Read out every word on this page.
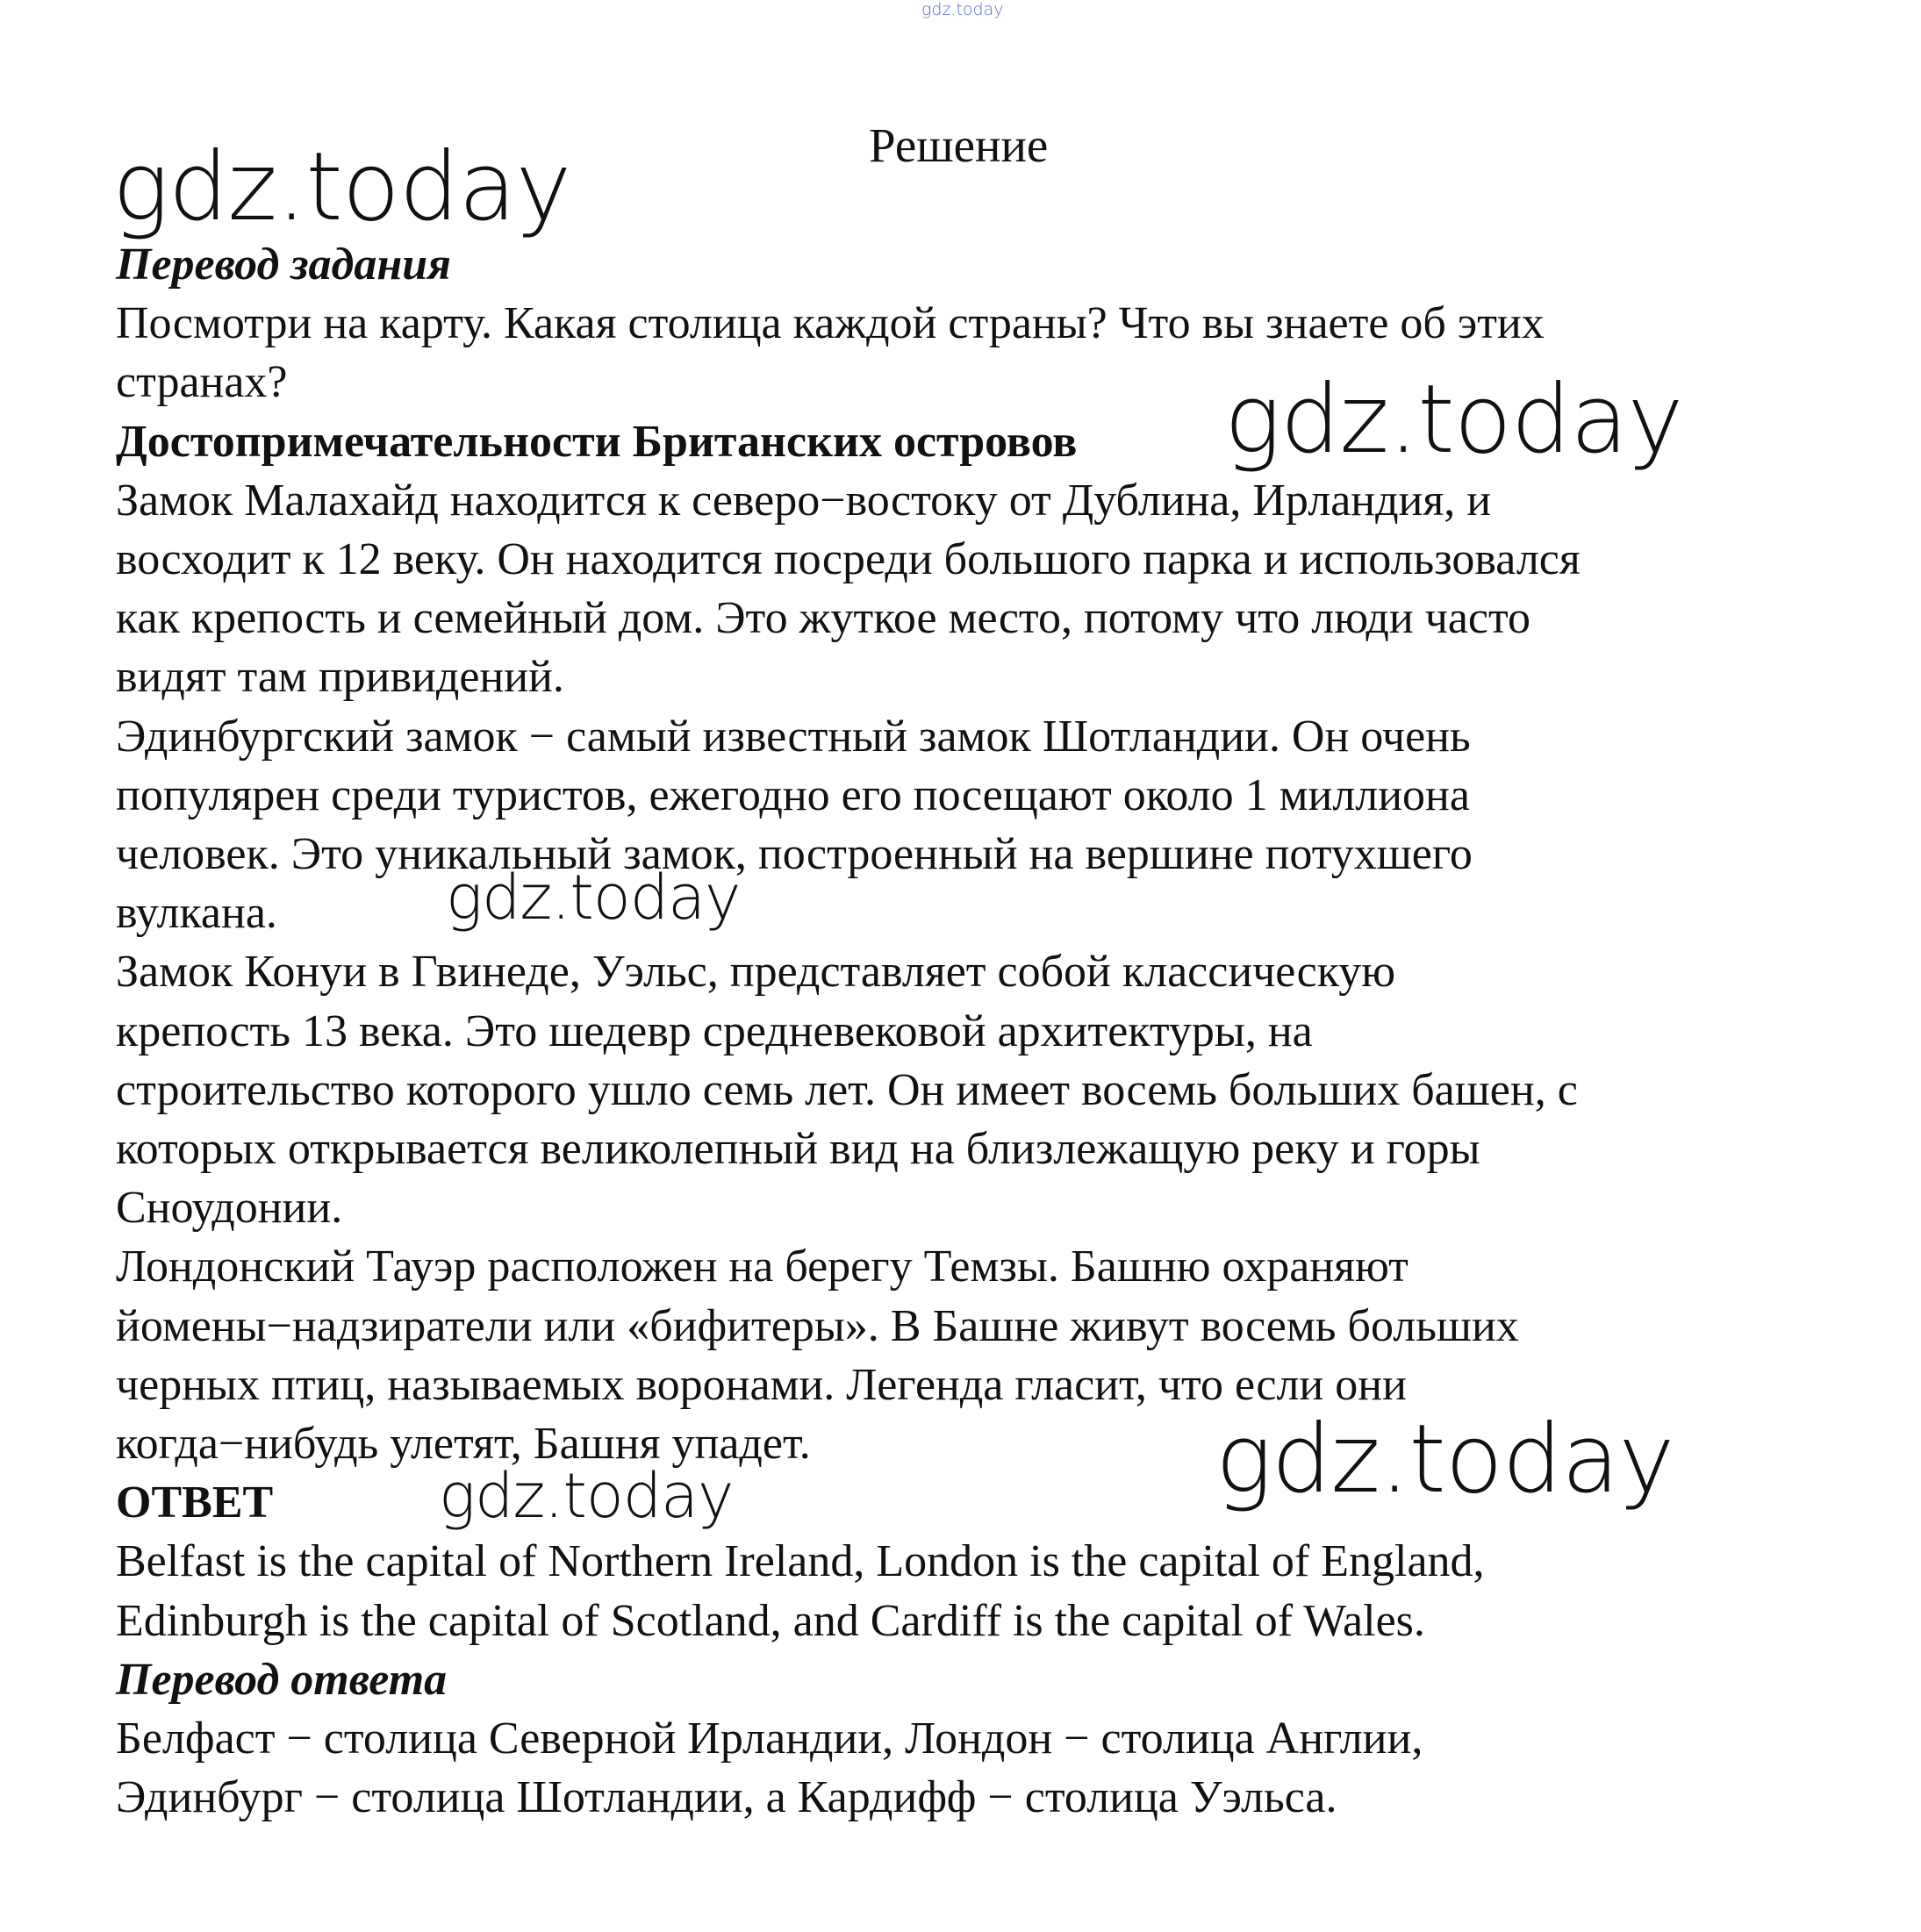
gdz.today
Решение
gdz.today
gdz.today
gdz.today
gdz.today
gdz.today

Перевод задания

Посмотри на карту. Какая столица каждой страны? Что вы знаете об этих

странах?

Достопримечательности Британских островов

Замок Малахайд находится к северо−востоку от Дублина, Ирландия, и

восходит к 12 веку. Он находится посреди большого парка и использовался

как крепость и семейный дом. Это жуткое место, потому что люди часто

видят там привидений.

Эдинбургский замок − самый известный замок Шотландии. Он очень

популярен среди туристов, ежегодно его посещают около 1 миллиона

человек. Это уникальный замок, построенный на вершине потухшего

вулкана.

Замок Конуи в Гвинеде, Уэльс, представляет собой классическую

крепость 13 века. Это шедевр средневековой архитектуры, на

строительство которого ушло семь лет. Он имеет восемь больших башен, с

которых открывается великолепный вид на близлежащую реку и горы

Сноудонии.

Лондонский Тауэр расположен на берегу Темзы. Башню охраняют

йомены−надзиратели или «бифитеры». В Башне живут восемь больших

черных птиц, называемых воронами. Легенда гласит, что если они

когда−нибудь улетят, Башня упадет.

ОТВЕТ

Belfast is the capital of Northern Ireland, London is the capital of England,

Edinburgh is the capital of Scotland, and Cardiff is the capital of Wales.

Перевод ответа

Белфаст − столица Северной Ирландии, Лондон − столица Англии,

Эдинбург − столица Шотландии, а Кардифф − столица Уэльса.
